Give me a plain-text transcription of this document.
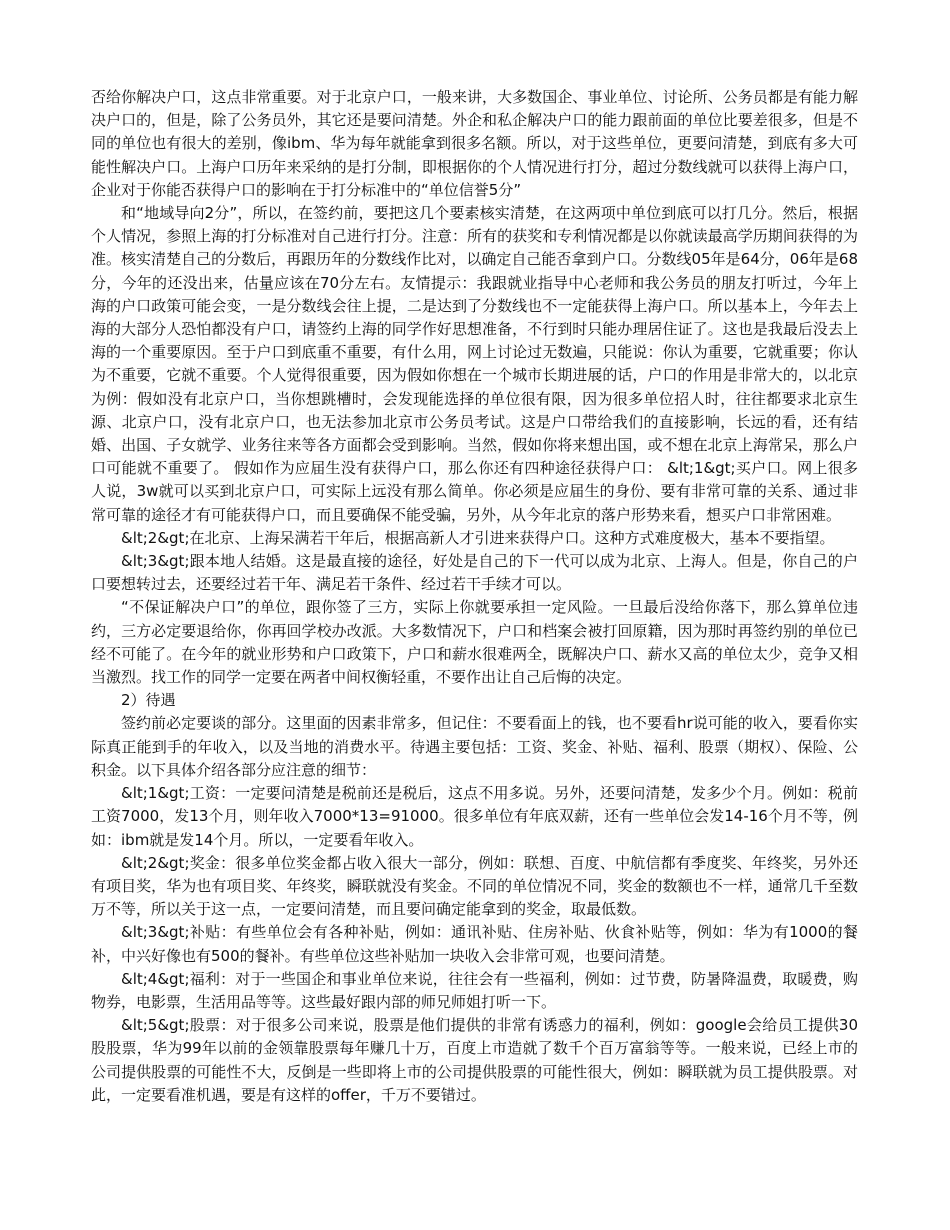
否给你解决户口，这点非常重要。对于北京户口，一般来讲，大多数国企、事业单位、讨论所、公务员都是有能力解决户口的，但是，除了公务员外，其它还是要问清楚。外企和私企解决户口的能力跟前面的单位比要差很多，但是不同的单位也有很大的差别，像ibm、华为每年就能拿到很多名额。所以，对于这些单位，更要问清楚，到底有多大可能性解决户口。上海户口历年来采纳的是打分制，即根据你的个人情况进行打分，超过分数线就可以获得上海户口，企业对于你能否获得户口的影响在于打分标准中的“单位信誉5分”

和“地域导向2分”，所以，在签约前，要把这几个要素核实清楚，在这两项中单位到底可以打几分。然后，根据个人情况，参照上海的打分标准对自己进行打分。注意：所有的获奖和专利情况都是以你就读最高学历期间获得的为准。核实清楚自己的分数后，再跟历年的分数线作比对，以确定自己能否拿到户口。分数线05年是64分，06年是68分，今年的还没出来，估量应该在70分左右。友情提示：我跟就业指导中心老师和我公务员的朋友打听过，今年上海的户口政策可能会变，一是分数线会往上提，二是达到了分数线也不一定能获得上海户口。所以基本上，今年去上海的大部分人恐怕都没有户口，请签约上海的同学作好思想准备，不行到时只能办理居住证了。这也是我最后没去上海的一个重要原因。至于户口到底重不重要，有什么用，网上讨论过无数遍，只能说：你认为重要，它就重要；你认为不重要，它就不重要。个人觉得很重要，因为假如你想在一个城市长期进展的话，户口的作用是非常大的，以北京为例：假如没有北京户口，当你想跳槽时，会发现能选择的单位很有限，因为很多单位招人时，往往都要求北京生源、北京户口，没有北京户口，也无法参加北京市公务员考试。这是户口带给我们的直接影响，长远的看，还有结婚、出国、子女就学、业务往来等各方面都会受到影响。当然，假如你将来想出国，或不想在北京上海常呆，那么户口可能就不重要了。 假如作为应届生没有获得户口，那么你还有四种途径获得户口： &lt;1&gt;买户口。网上很多人说，3w就可以买到北京户口，可实际上远没有那么简单。你必须是应届生的身份、要有非常可靠的关系、通过非常可靠的途径才有可能获得户口，而且要确保不能受骗，另外，从今年北京的落户形势来看，想买户口非常困难。

&lt;2&gt;在北京、上海呆满若干年后，根据高新人才引进来获得户口。这种方式难度极大，基本不要指望。

&lt;3&gt;跟本地人结婚。这是最直接的途径，好处是自己的下一代可以成为北京、上海人。但是，你自己的户口要想转过去，还要经过若干年、满足若干条件、经过若干手续才可以。

“不保证解决户口”的单位，跟你签了三方，实际上你就要承担一定风险。一旦最后没给你落下，那么算单位违约，三方必定要退给你，你再回学校办改派。大多数情况下，户口和档案会被打回原籍，因为那时再签约别的单位已经不可能了。在今年的就业形势和户口政策下，户口和薪水很难两全，既解决户口、薪水又高的单位太少，竞争又相当激烈。找工作的同学一定要在两者中间权衡轻重，不要作出让自己后悔的决定。

2）待遇

签约前必定要谈的部分。这里面的因素非常多，但记住：不要看面上的钱，也不要看hr说可能的收入，要看你实际真正能到手的年收入，以及当地的消费水平。待遇主要包括：工资、奖金、补贴、福利、股票（期权）、保险、公积金。以下具体介绍各部分应注意的细节：

&lt;1&gt;工资：一定要问清楚是税前还是税后，这点不用多说。另外，还要问清楚，发多少个月。例如：税前工资7000，发13个月，则年收入7000*13=91000。很多单位有年底双薪，还有一些单位会发14-16个月不等，例如：ibm就是发14个月。所以，一定要看年收入。

&lt;2&gt;奖金：很多单位奖金都占收入很大一部分，例如：联想、百度、中航信都有季度奖、年终奖，另外还有项目奖，华为也有项目奖、年终奖，瞬联就没有奖金。不同的单位情况不同，奖金的数额也不一样，通常几千至数万不等，所以关于这一点，一定要问清楚，而且要问确定能拿到的奖金，取最低数。

&lt;3&gt;补贴：有些单位会有各种补贴，例如：通讯补贴、住房补贴、伙食补贴等，例如：华为有1000的餐补，中兴好像也有500的餐补。有些单位这些补贴加一块收入会非常可观，也要问清楚。

&lt;4&gt;福利：对于一些国企和事业单位来说，往往会有一些福利，例如：过节费，防暑降温费，取暖费，购物券，电影票，生活用品等等。这些最好跟内部的师兄师姐打听一下。

&lt;5&gt;股票：对于很多公司来说，股票是他们提供的非常有诱惑力的福利，例如：google会给员工提供30股股票，华为99年以前的金领靠股票每年赚几十万，百度上市造就了数千个百万富翁等等。一般来说，已经上市的公司提供股票的可能性不大，反倒是一些即将上市的公司提供股票的可能性很大，例如：瞬联就为员工提供股票。对此，一定要看准机遇，要是有这样的offer，千万不要错过。
